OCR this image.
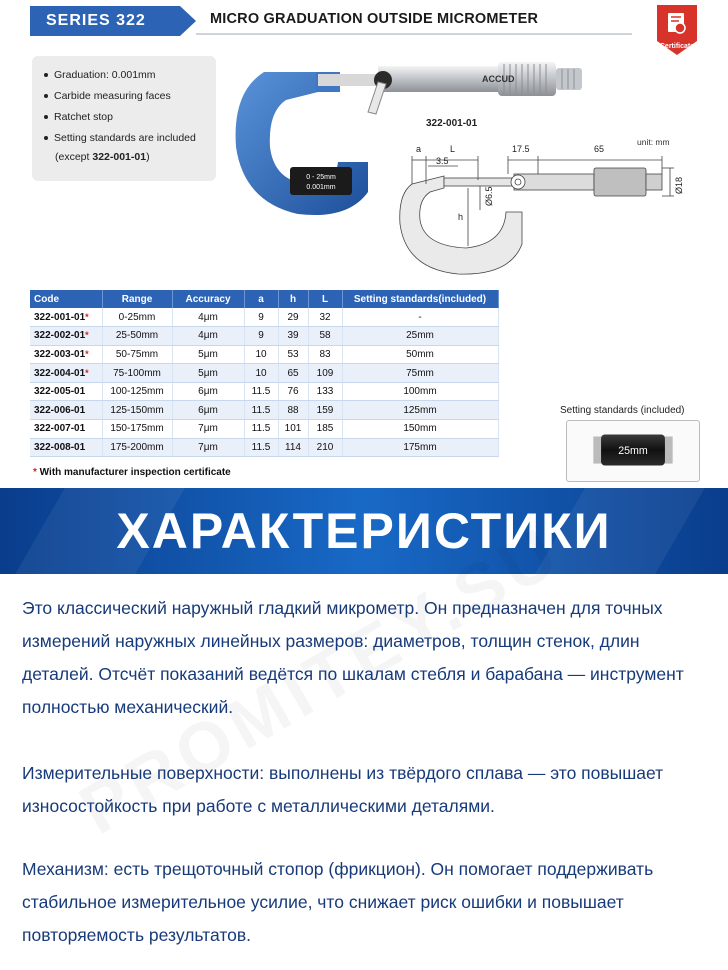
SERIES 322	MICRO GRADUATION OUTSIDE MICROMETER
Certificate
Graduation: 0.001mm
Carbide measuring faces
Ratchet stop
Setting standards are included
(except 322-001-01)
ACCUD
0 - 25mm
0.001mm
322-001-01
unit: mm
a	L
3.5
17.5	65
h
Ø6.5
Ø18
Code	Range	Accuracy	a	h	L	Setting standards(included)
322-001-01*	0-25mm	4μm	9	29	32	-
322-002-01*	25-50mm	4μm	9	39	58	25mm
322-003-01*	50-75mm	5μm	10	53	83	50mm
322-004-01*	75-100mm	5μm	10	65	109	75mm
322-005-01	100-125mm	6μm	11.5	76	133	100mm
322-006-01	125-150mm	6μm	11.5	88	159	125mm
322-007-01	150-175mm	7μm	11.5	101	185	150mm
322-008-01	175-200mm	7μm	11.5	114	210	175mm
* With manufacturer inspection certificate
Setting standards (included)
25mm
ХАРАКТЕРИСТИКИ

Это классический наружный гладкий микрометр. Он предназначен для точных измерений наружных линейных размеров: диаметров, толщин стенок, длин деталей. Отсчёт показаний ведётся по шкалам стебля и барабана — инструмент полностью механический.

Измерительные поверхности: выполнены из твёрдого сплава — это повышает износостойкость при работе с металлическими деталями.

Механизм: есть трещоточный стопор (фрикцион). Он помогает поддерживать стабильное измерительное усилие, что снижает риск ошибки и повышает повторяемость результатов.
